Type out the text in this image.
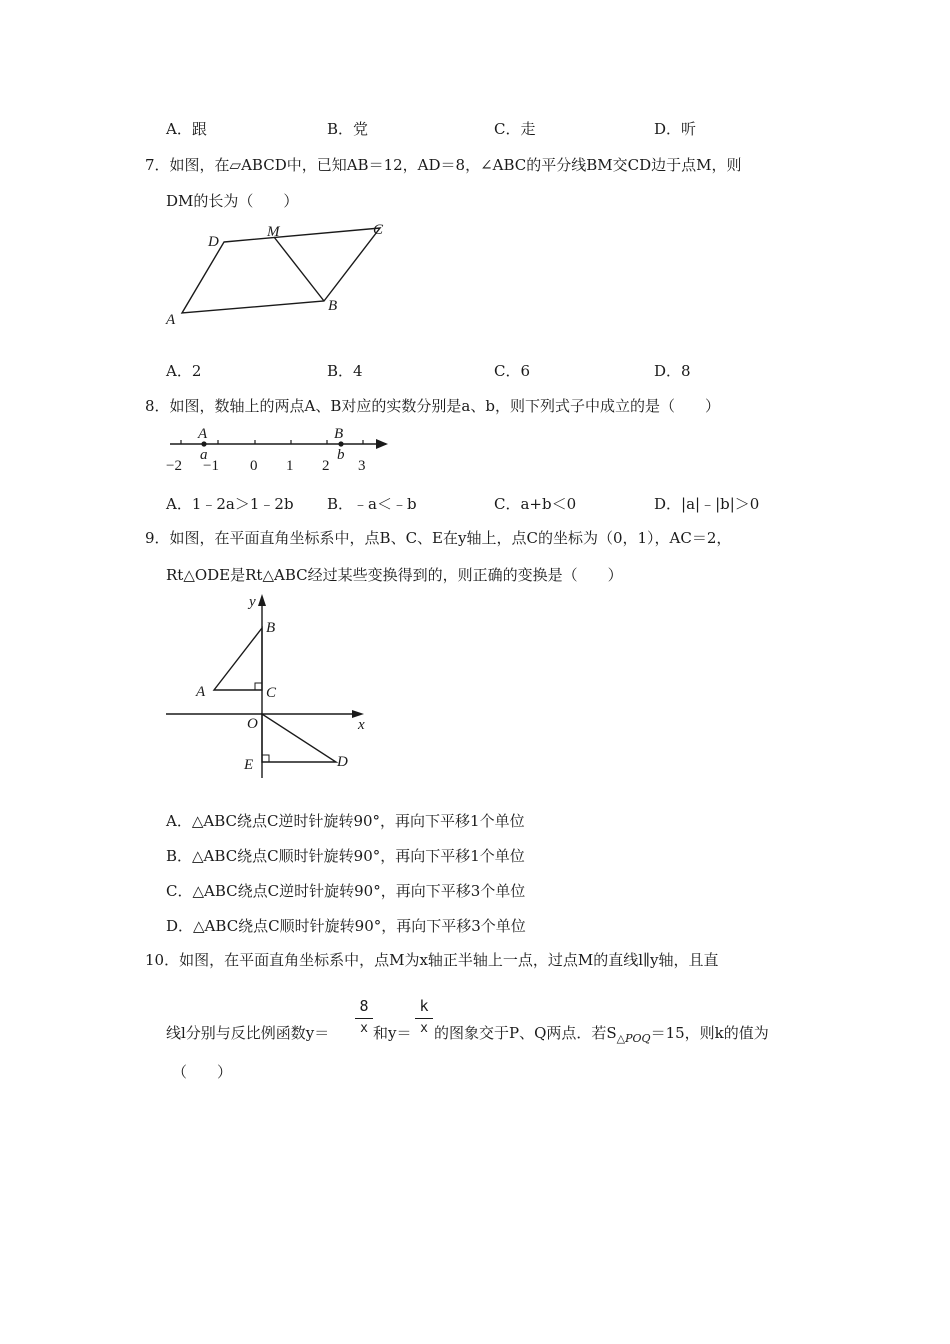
A．跟	B．党	C．走	D．听
7．如图，在▱ABCD中，已知AB＝12，AD＝8，∠ABC的平分线BM交CD边于点M，则
DM的长为（　　）
D
M	C
A
B
A．2	B．4	C．6	D．8
8．如图，数轴上的两点A、B对应的实数分别是a、b，则下列式子中成立的是（　　）
A
a
B
b
−2 −1 0 1 2 3
A．1﹣2a＞1﹣2b B．﹣a＜﹣b	C．a+b＜0	D．|a|﹣|b|＞0
9．如图，在平面直角坐标系中，点B、C、E在y轴上，点C的坐标为（0，1），AC＝2，
Rt△ODE是Rt△ABC经过某些变换得到的，则正确的变换是（　　）
y
B
A	C
O	x
E	D
A．△ABC绕点C逆时针旋转90°，再向下平移1个单位
B．△ABC绕点C顺时针旋转90°，再向下平移1个单位
C．△ABC绕点C逆时针旋转90°，再向下平移3个单位
D．△ABC绕点C顺时针旋转90°，再向下平移3个单位
10．如图，在平面直角坐标系中，点M为x轴正半轴上一点，过点M的直线l∥y轴，且直
线l分别与反比例函数y＝
8
x 和y＝
k
x 的图象交于P、Q两点．若$S_{\triangle POQ}=15$，则k的值为
（　　）
